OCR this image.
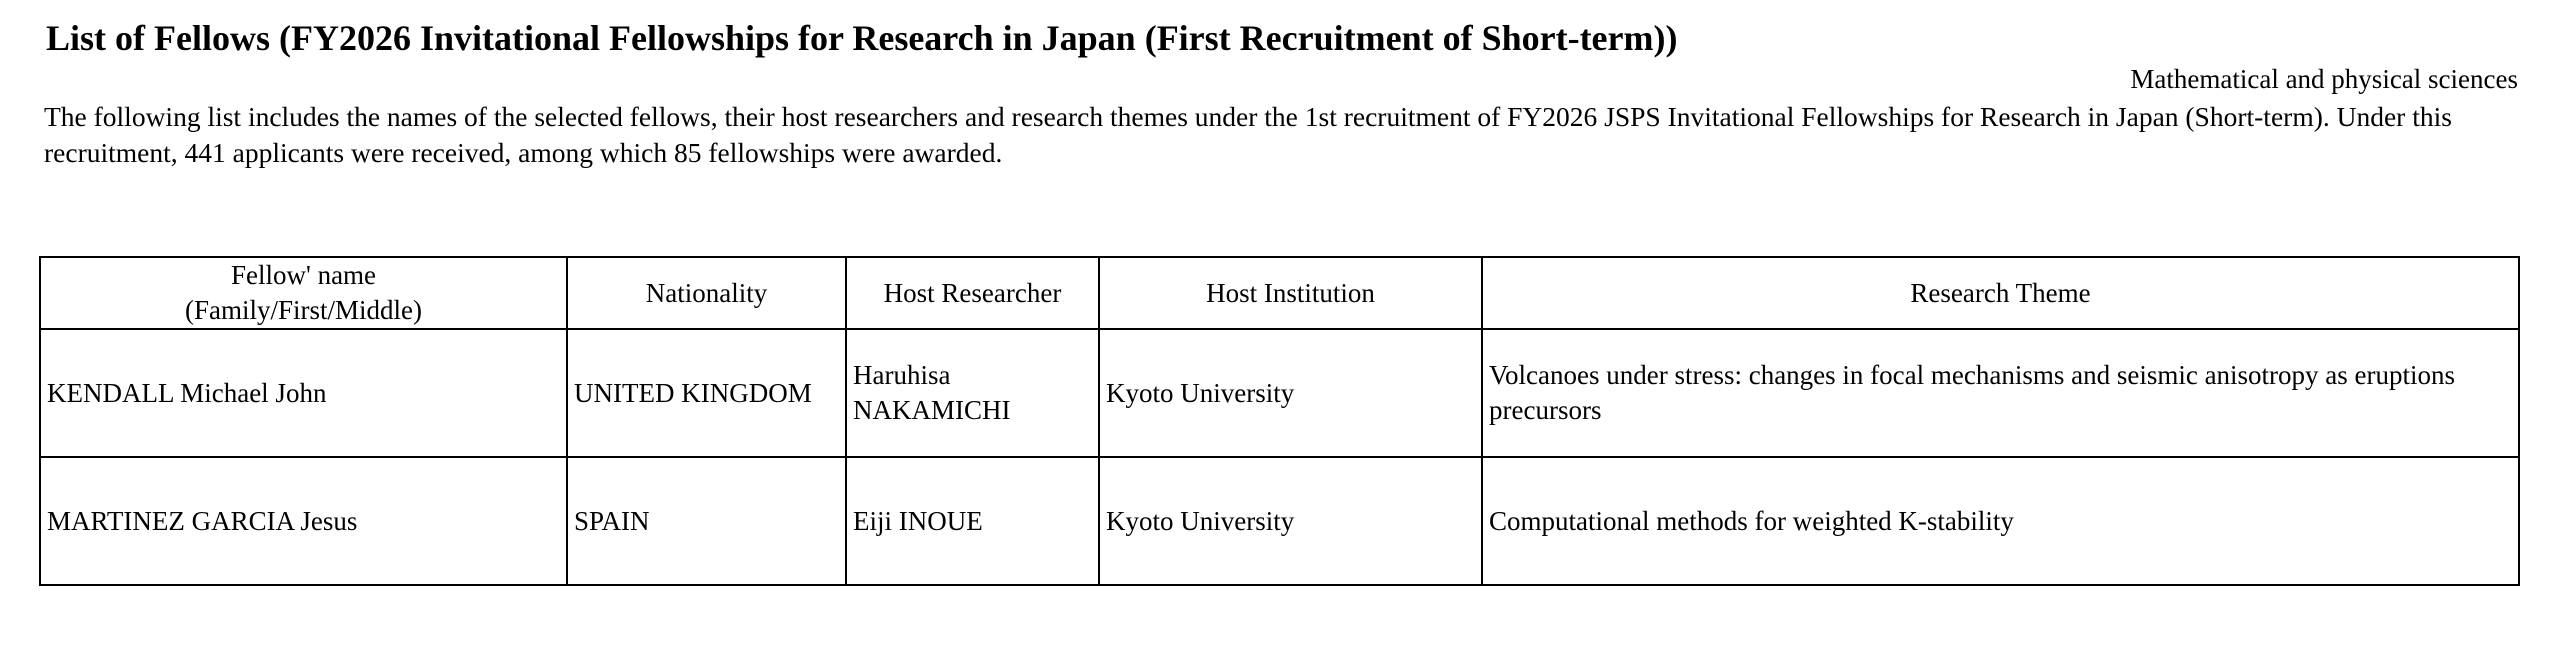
List of Fellows (FY2026 Invitational Fellowships for Research in Japan (First Recruitment of Short-term))
Mathematical and physical sciences

The following list includes the names of the selected fellows, their host researchers and research themes under the 1st recruitment of FY2026 JSPS Invitational Fellowships for Research in Japan (Short-term). Under this recruitment, 441 applicants were received, among which 85 fellowships were awarded.

Fellow' name
(Family/First/Middle)	Nationality	Host Researcher	Host Institution	Research Theme
KENDALL Michael John	UNITED KINGDOM	Haruhisa NAKAMICHI	Kyoto University	Volcanoes under stress: changes in focal mechanisms and seismic anisotropy as eruptions precursors
MARTINEZ GARCIA Jesus	SPAIN	Eiji INOUE	Kyoto University	Computational methods for weighted K-stability
